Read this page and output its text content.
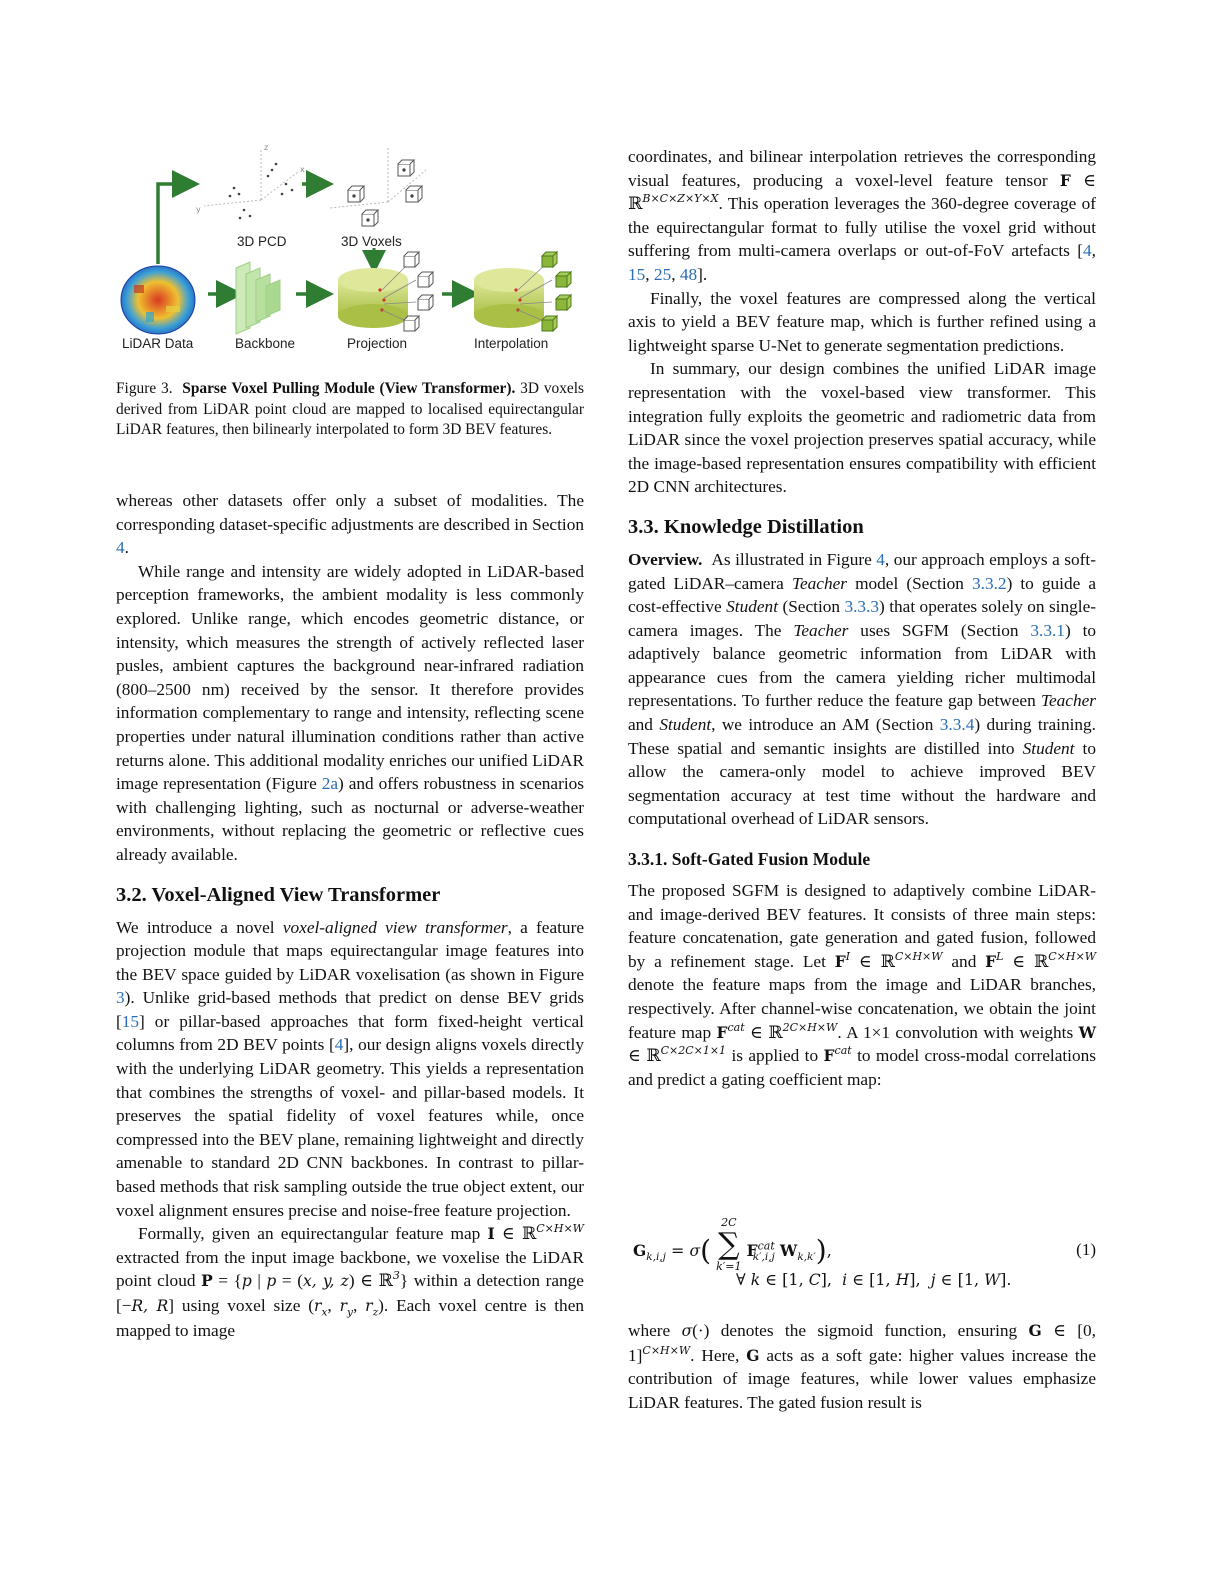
z
x
y
3D PCD	3D Voxels
LiDAR Data	Backbone	Projection	Interpolation
Figure 3. Sparse Voxel Pulling Module (View Transformer). 3D voxels derived from LiDAR point cloud are mapped to localised equirectangular LiDAR features, then bilinearly interpolated to form 3D BEV features.

whereas other datasets offer only a subset of modalities. The corresponding dataset-specific adjustments are described in Section 4.

While range and intensity are widely adopted in LiDAR-based perception frameworks, the ambient modality is less commonly explored. Unlike range, which encodes geometric distance, or intensity, which measures the strength of actively reflected laser pusles, ambient captures the background near-infrared radiation (800–2500 nm) received by the sensor. It therefore provides information complementary to range and intensity, reflecting scene properties under natural illumination conditions rather than active returns alone. This additional modality enriches our unified LiDAR image representation (Figure 2a) and offers robustness in scenarios with challenging lighting, such as nocturnal or adverse-weather environments, without replacing the geometric or reflective cues already available.

3.2. Voxel-Aligned View Transformer

We introduce a novel voxel-aligned view transformer, a feature projection module that maps equirectangular image features into the BEV space guided by LiDAR voxelisation (as shown in Figure 3). Unlike grid-based methods that predict on dense BEV grids [15] or pillar-based approaches that form fixed-height vertical columns from 2D BEV points [4], our design aligns voxels directly with the underlying LiDAR geometry. This yields a representation that combines the strengths of voxel- and pillar-based models. It preserves the spatial fidelity of voxel features while, once compressed into the BEV plane, remaining lightweight and directly amenable to standard 2D CNN backbones. In contrast to pillar-based methods that risk sampling outside the true object extent, our voxel alignment ensures precise and noise-free feature projection.

Formally, given an equirectangular feature map I ∈ ℝ$^{C\times H\times W}$ extracted from the input image backbone, we voxelise the LiDAR point cloud P = {p | p = (x, y, z) ∈ ℝ$^3$} within a detection range [−R, R] using voxel size ($r_x$, $r_y$, $r_z$). Each voxel centre is then mapped to image

coordinates, and bilinear interpolation retrieves the corresponding visual features, producing a voxel-level feature tensor F ∈ ℝ$^{B\times C\times Z\times Y\times X}$. This operation leverages the 360-degree coverage of the equirectangular format to fully utilise the voxel grid without suffering from multi-camera overlaps or out-of-FoV artefacts [4, 15, 25, 48].

Finally, the voxel features are compressed along the vertical axis to yield a BEV feature map, which is further refined using a lightweight sparse U-Net to generate segmentation predictions.

In summary, our design combines the unified LiDAR image representation with the voxel-based view transformer. This integration fully exploits the geometric and radiometric data from LiDAR since the voxel projection preserves spatial accuracy, while the image-based representation ensures compatibility with efficient 2D CNN architectures.

3.3. Knowledge Distillation

Overview. As illustrated in Figure 4, our approach employs a soft-gated LiDAR–camera Teacher model (Section 3.3.2) to guide a cost-effective Student (Section 3.3.3) that operates solely on single-camera images. The Teacher uses SGFM (Section 3.3.1) to adaptively balance geometric information from LiDAR with appearance cues from the camera yielding richer multimodal representations. To further reduce the feature gap between Teacher and Student, we introduce an AM (Section 3.3.4) during training. These spatial and semantic insights are distilled into Student to allow the camera-only model to achieve improved BEV segmentation accuracy at test time without the hardware and computational overhead of LiDAR sensors.

3.3.1. Soft-Gated Fusion Module

The proposed SGFM is designed to adaptively combine LiDAR- and image-derived BEV features. It consists of three main steps: feature concatenation, gate generation and gated fusion, followed by a refinement stage. Let $F^I$ ∈ ℝ$^{C\times H\times W}$ and $F^L$ ∈ ℝ$^{C\times H\times W}$ denote the feature maps from the image and LiDAR branches, respectively. After channel-wise concatenation, we obtain the joint feature map $F^{cat}$ ∈ ℝ$^{2C\times H\times W}$. A 1×1 convolution with weights W ∈ ℝ$^{C\times 2C\times 1\times 1}$ is applied to $F^{cat}$ to model cross-modal correlations and predict a gating coefficient map:

$G_{k,i,j} = \sigma$(
2C
∑
k′=1
$F^{cat}_{k',i,j}$ $W_{k,k'}$),
∀ k ∈ [1, C],  i ∈ [1, H],  j ∈ [1, W].
(1)

where σ(·) denotes the sigmoid function, ensuring G ∈ [0, 1]$^{C\times H\times W}$. Here, G acts as a soft gate: higher values increase the contribution of image features, while lower values emphasize LiDAR features. The gated fusion result is
